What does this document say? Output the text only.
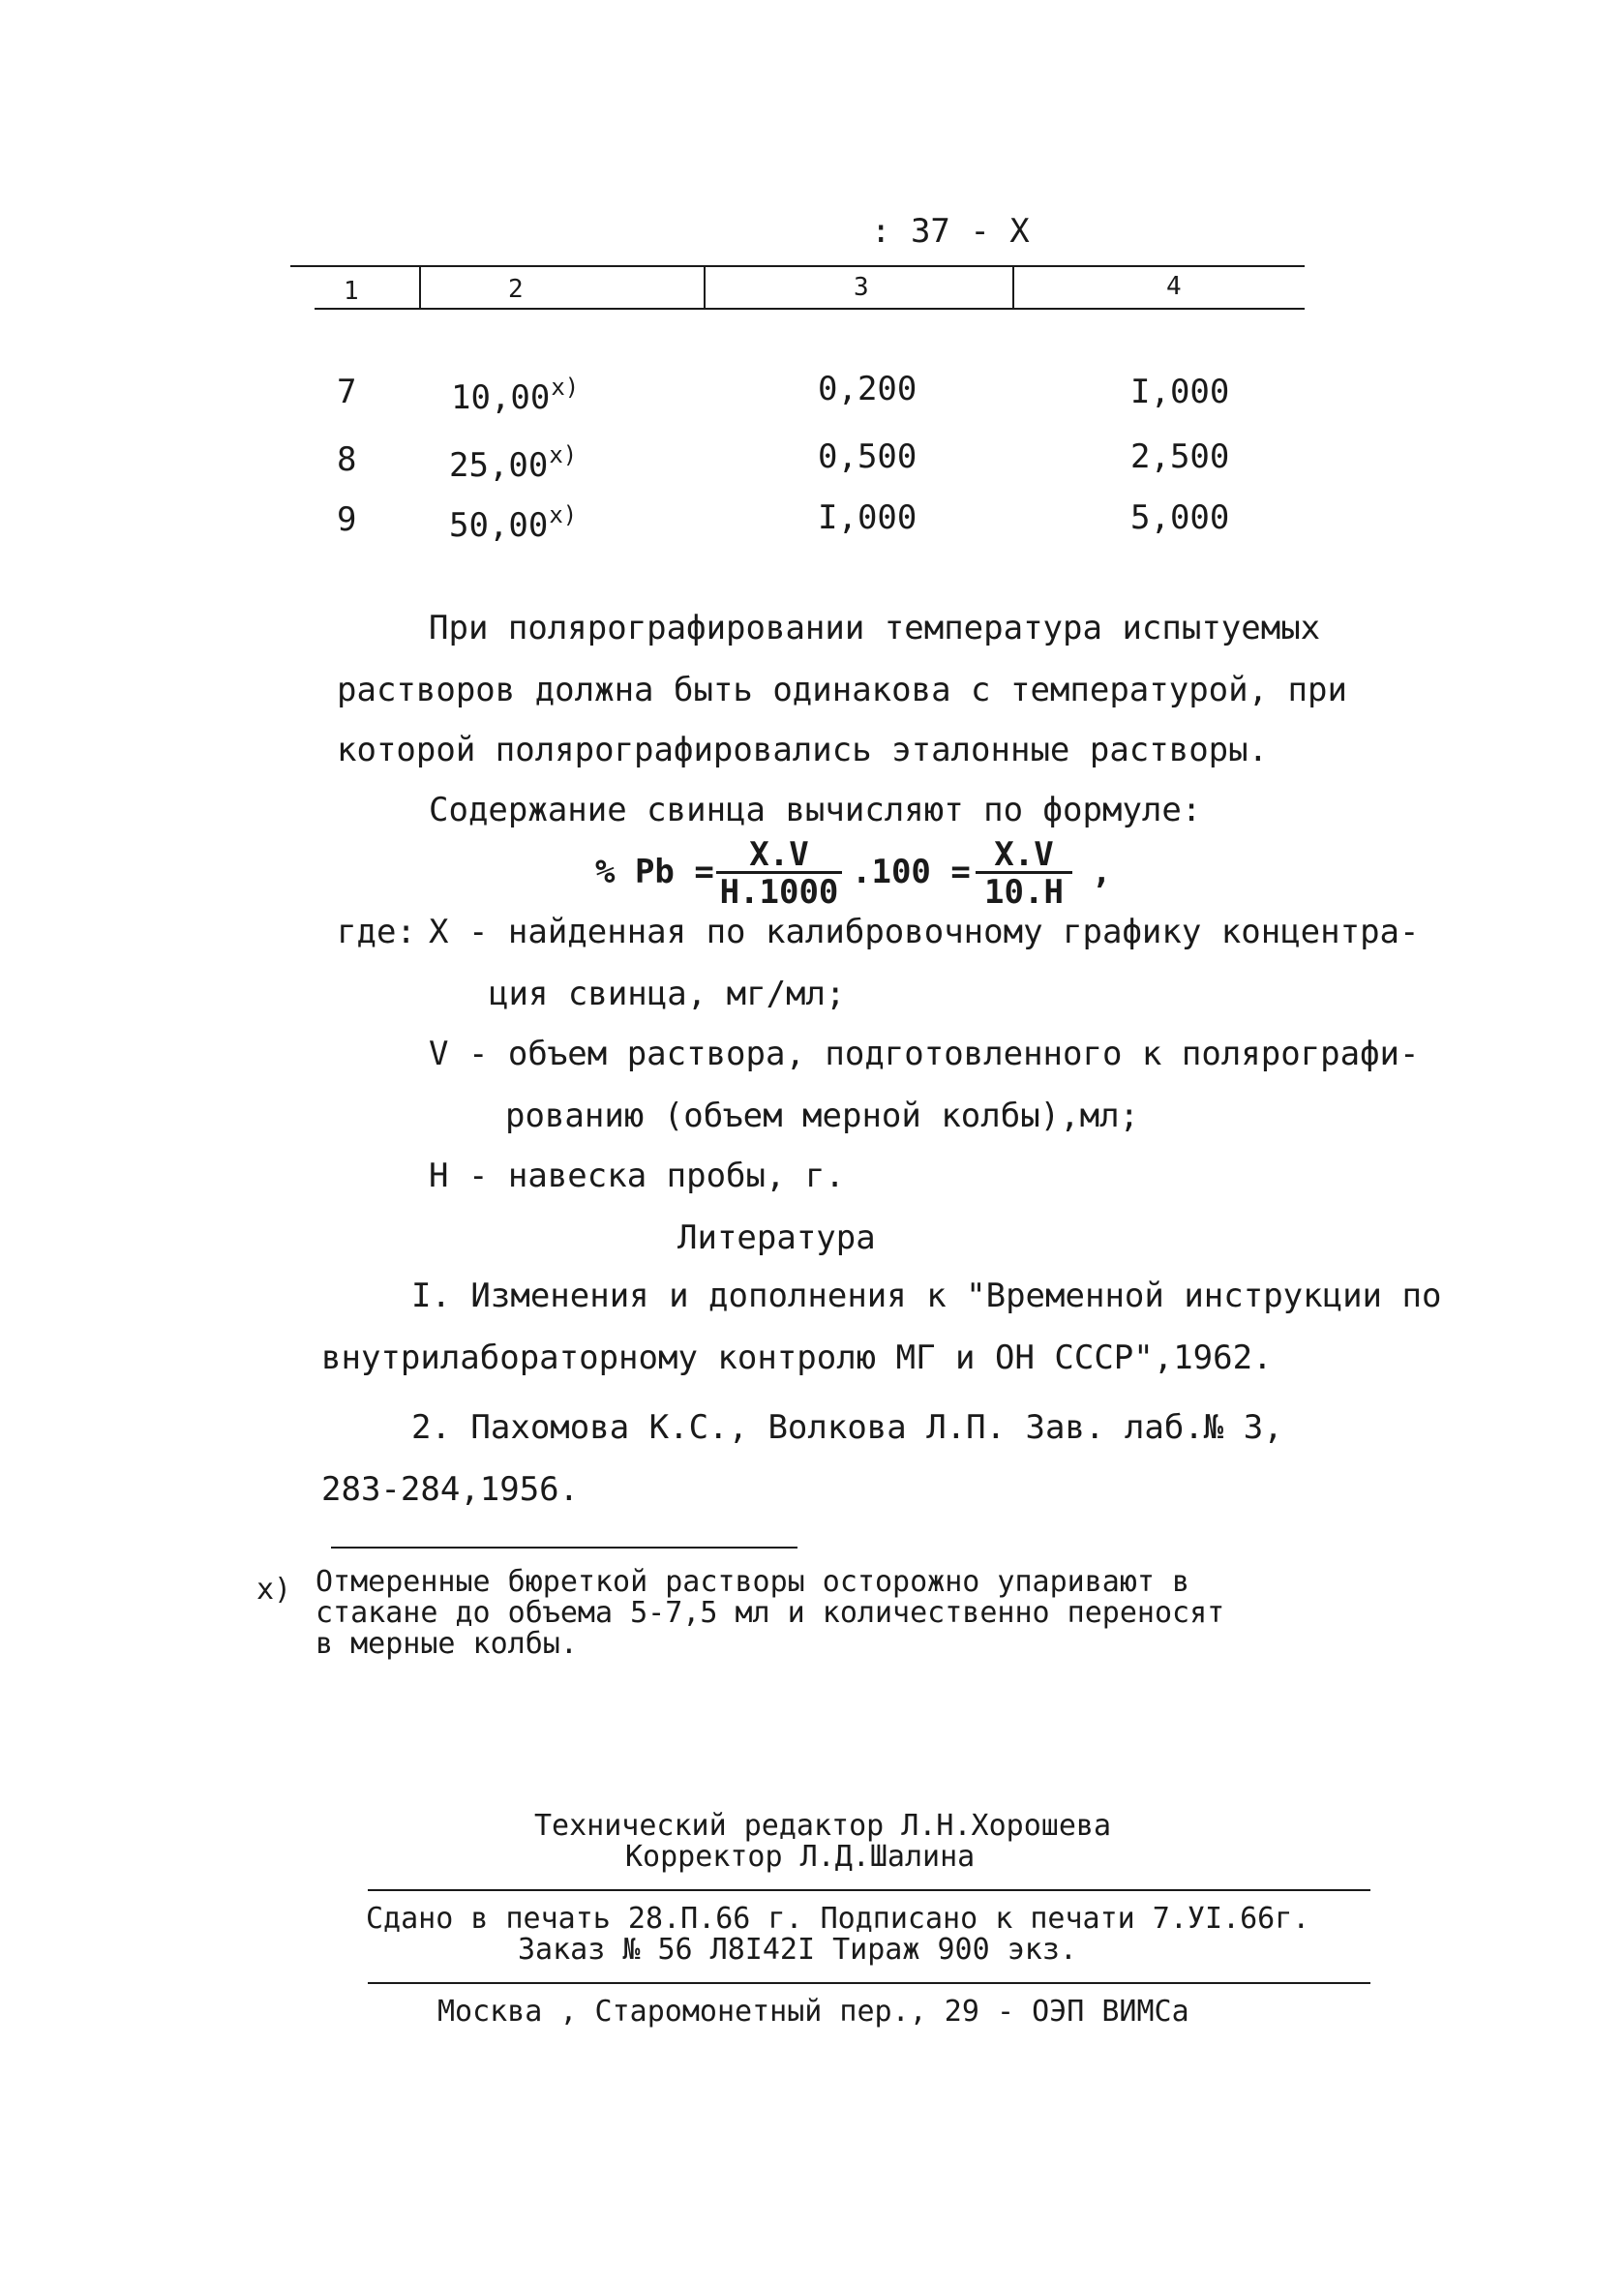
: 37 - X
1	2	3	4
7	10,00$^{x)}$	0,200	I,000
8	25,00$^{x)}$	0,500	2,500
9	50,00$^{x)}$	I,000	5,000
При полярографировании температура испытуемых
растворов должна быть одинакова с температурой, при
которой полярографировались эталонные растворы.
Содержание свинца вычисляют по формуле:
% $Pb = \frac{X.V}{H.1000} .100 = \frac{X.V}{10.H}$ ,
где: X - найденная по калибровочному графику концентра-
ция свинца, мг/мл;
V - объем раствора, подготовленного к полярографи-
рованию (объем мерной колбы),мл;
H - навеска пробы, г.
Литература
I. Изменения и дополнения к "Временной инструкции по
внутрилабораторному контролю МГ и ОН СССР",1962.
2. Пахомова К.С., Волкова Л.П. Зав. лаб.№ 3,
283-284,1956.
x) Отмеренные бюреткой растворы осторожно упаривают в
стакане до объема 5-7,5 мл и количественно переносят
в мерные колбы.
Технический редактор Л.Н.Хорошева
Корректор Л.Д.Шалина
Сдано в печать 28.П.66 г. Подписано к печати 7.УI.66г.
Заказ № 56 Л8I42I Тираж 900 экз.
Москва , Старомонетный пер., 29 - ОЭП ВИМСа
